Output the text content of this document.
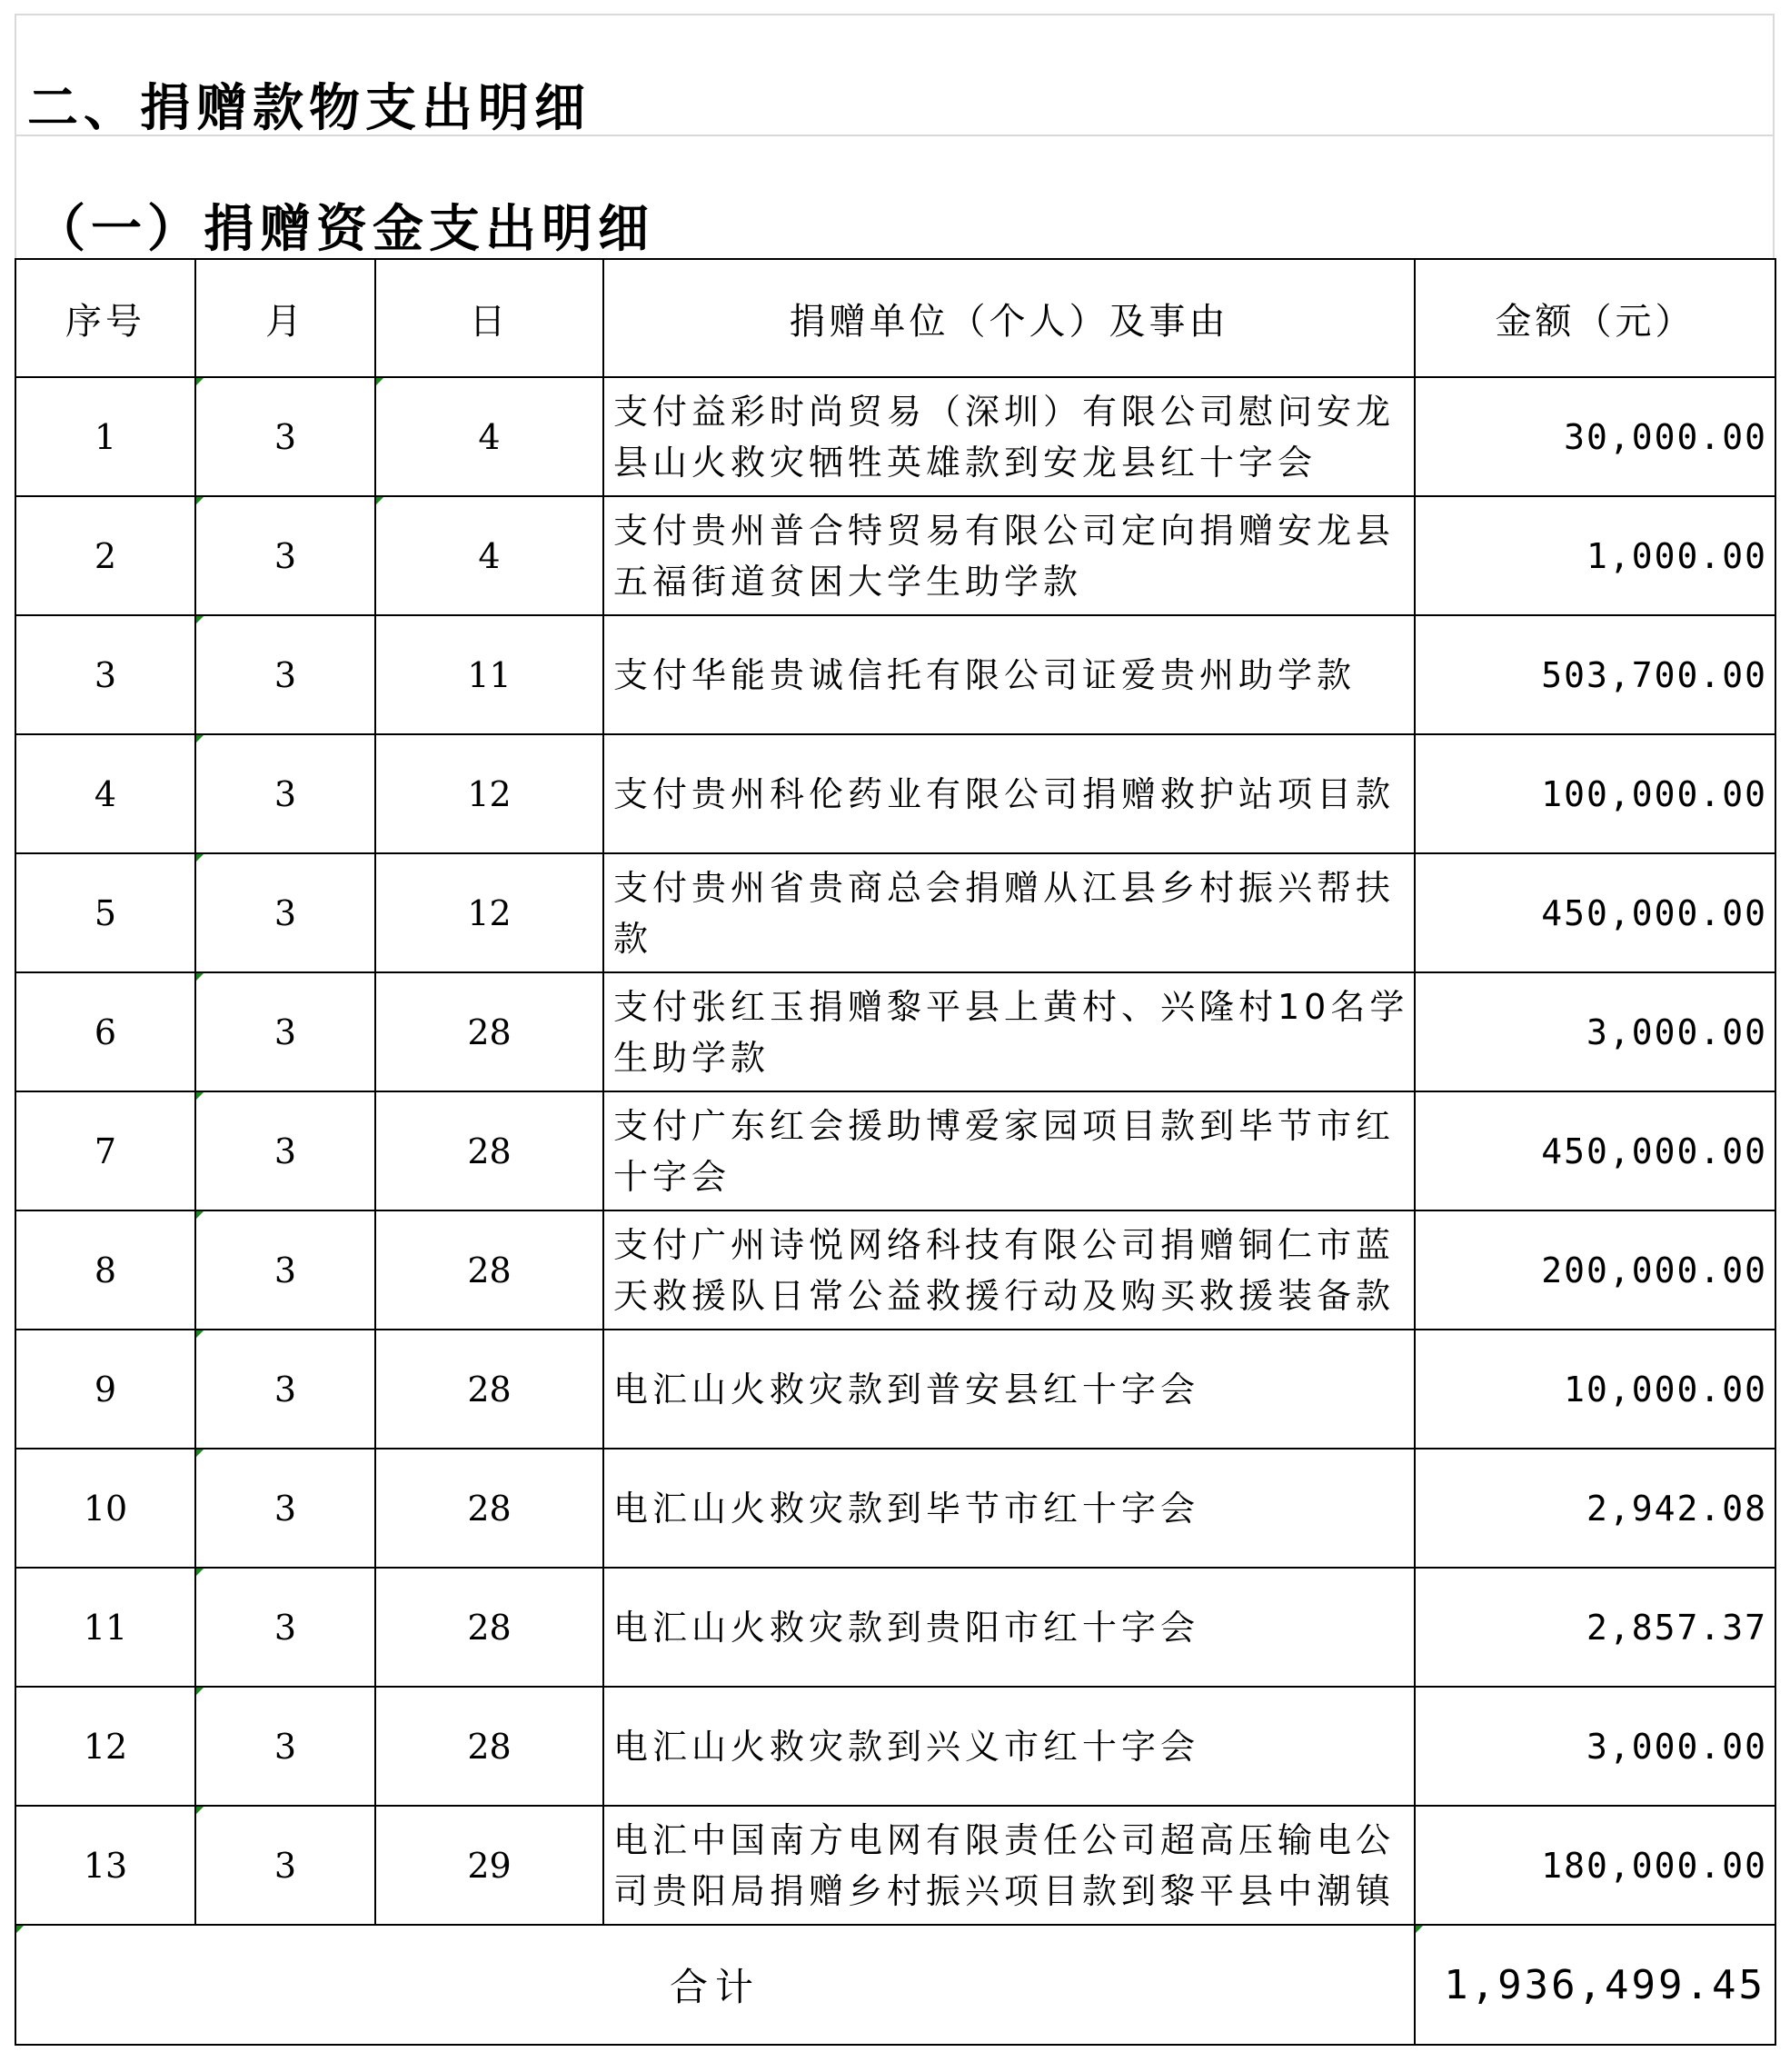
二、捐赠款物支出明细
（一）捐赠资金支出明细
序号	月	日	捐赠单位（个人）及事由	金额（元）
1	3	4	支付益彩时尚贸易（深圳）有限公司慰问安龙县山火救灾牺牲英雄款到安龙县红十字会	30,000.00
2	3	4	支付贵州普合特贸易有限公司定向捐赠安龙县五福街道贫困大学生助学款	1,000.00
3	3	11	支付华能贵诚信托有限公司证爱贵州助学款	503,700.00
4	3	12	支付贵州科伦药业有限公司捐赠救护站项目款	100,000.00
5	3	12	支付贵州省贵商总会捐赠从江县乡村振兴帮扶款	450,000.00
6	3	28	支付张红玉捐赠黎平县上黄村、兴隆村10名学生助学款	3,000.00
7	3	28	支付广东红会援助博爱家园项目款到毕节市红十字会	450,000.00
8	3	28	支付广州诗悦网络科技有限公司捐赠铜仁市蓝天救援队日常公益救援行动及购买救援装备款	200,000.00
9	3	28	电汇山火救灾款到普安县红十字会	10,000.00
10	3	28	电汇山火救灾款到毕节市红十字会	2,942.08
11	3	28	电汇山火救灾款到贵阳市红十字会	2,857.37
12	3	28	电汇山火救灾款到兴义市红十字会	3,000.00
13	3	29	电汇中国南方电网有限责任公司超高压输电公司贵阳局捐赠乡村振兴项目款到黎平县中潮镇	180,000.00
合计				1,936,499.45
